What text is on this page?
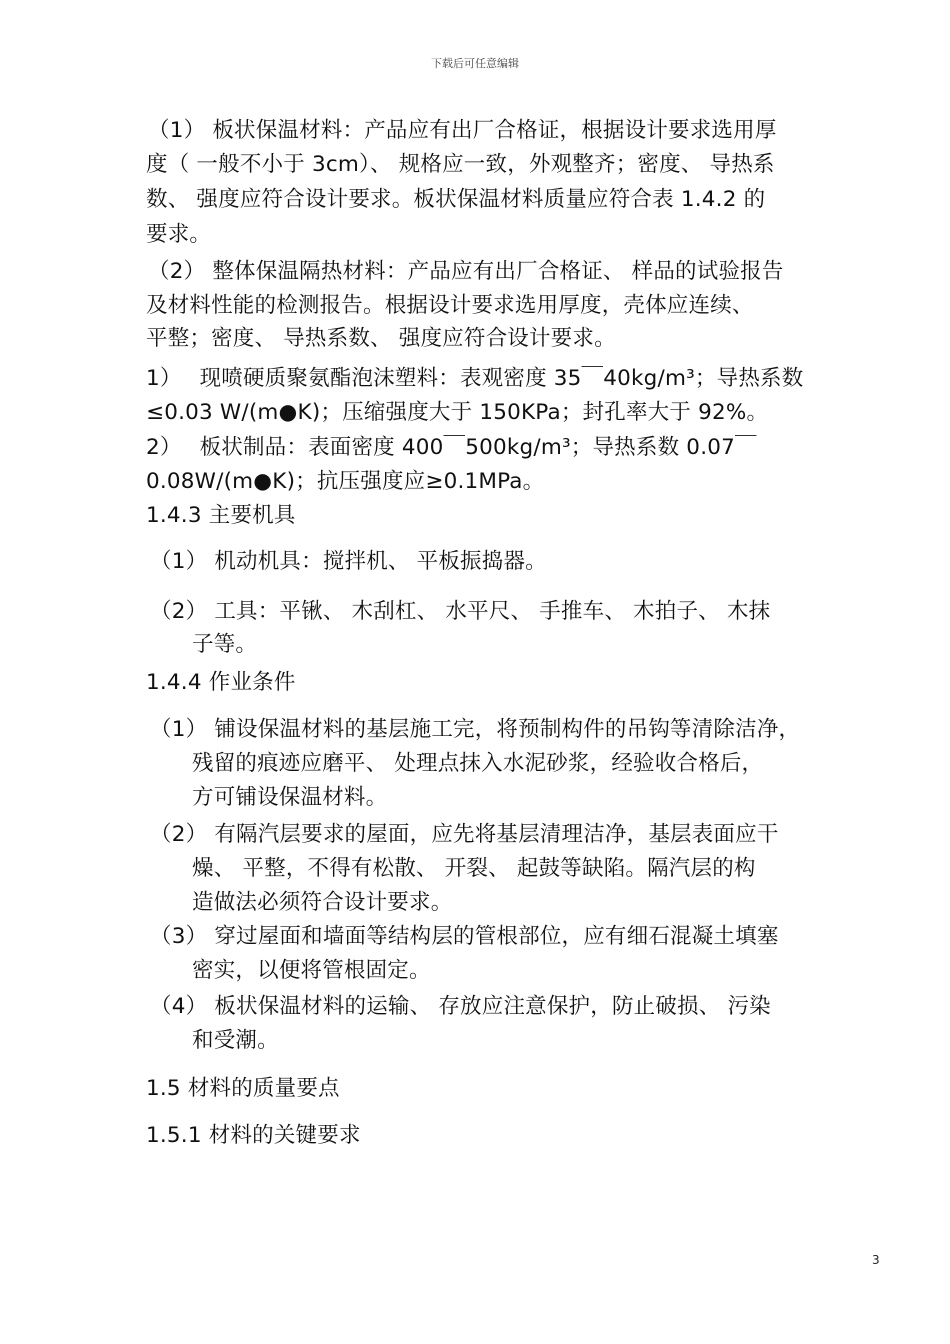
下载后可任意编辑
（1） 板状保温材料：产品应有出厂合格证，根据设计要求选用厚
度（ 一般不小于 3cm）、 规格应一致，外观整齐；密度、 导热系
数、 强度应符合设计要求。板状保温材料质量应符合表 1.4.2 的
要求。
（2） 整体保温隔热材料：产品应有出厂合格证、 样品的试验报告
及材料性能的检测报告。根据设计要求选用厚度，壳体应连续、
平整；密度、 导热系数、 强度应符合设计要求。
1）　 现喷硬质聚氨酯泡沫塑料：表观密度 35￣40kg/m³；导热系数
≤0.03 W/(m●K)；压缩强度大于 150KPa；封孔率大于 92%。
2）　 板状制品：表面密度 400￣500kg/m³；导热系数 0.07￣
0.08W/(m●K)；抗压强度应≥0.1MPa。
1.4.3 主要机具
（1） 机动机具：搅拌机、 平板振捣器。
（2） 工具：平锹、 木刮杠、 水平尺、 手推车、 木拍子、 木抹
子等。
1.4.4 作业条件
（1） 铺设保温材料的基层施工完，将预制构件的吊钩等清除洁净，
残留的痕迹应磨平、 处理点抹入水泥砂浆，经验收合格后，
方可铺设保温材料。
（2） 有隔汽层要求的屋面，应先将基层清理洁净，基层表面应干
燥、 平整，不得有松散、 开裂、 起鼓等缺陷。隔汽层的构
造做法必须符合设计要求。
（3） 穿过屋面和墙面等结构层的管根部位，应有细石混凝土填塞
密实，以便将管根固定。
（4） 板状保温材料的运输、 存放应注意保护，防止破损、 污染
和受潮。
1.5 材料的质量要点
1.5.1 材料的关键要求
3
